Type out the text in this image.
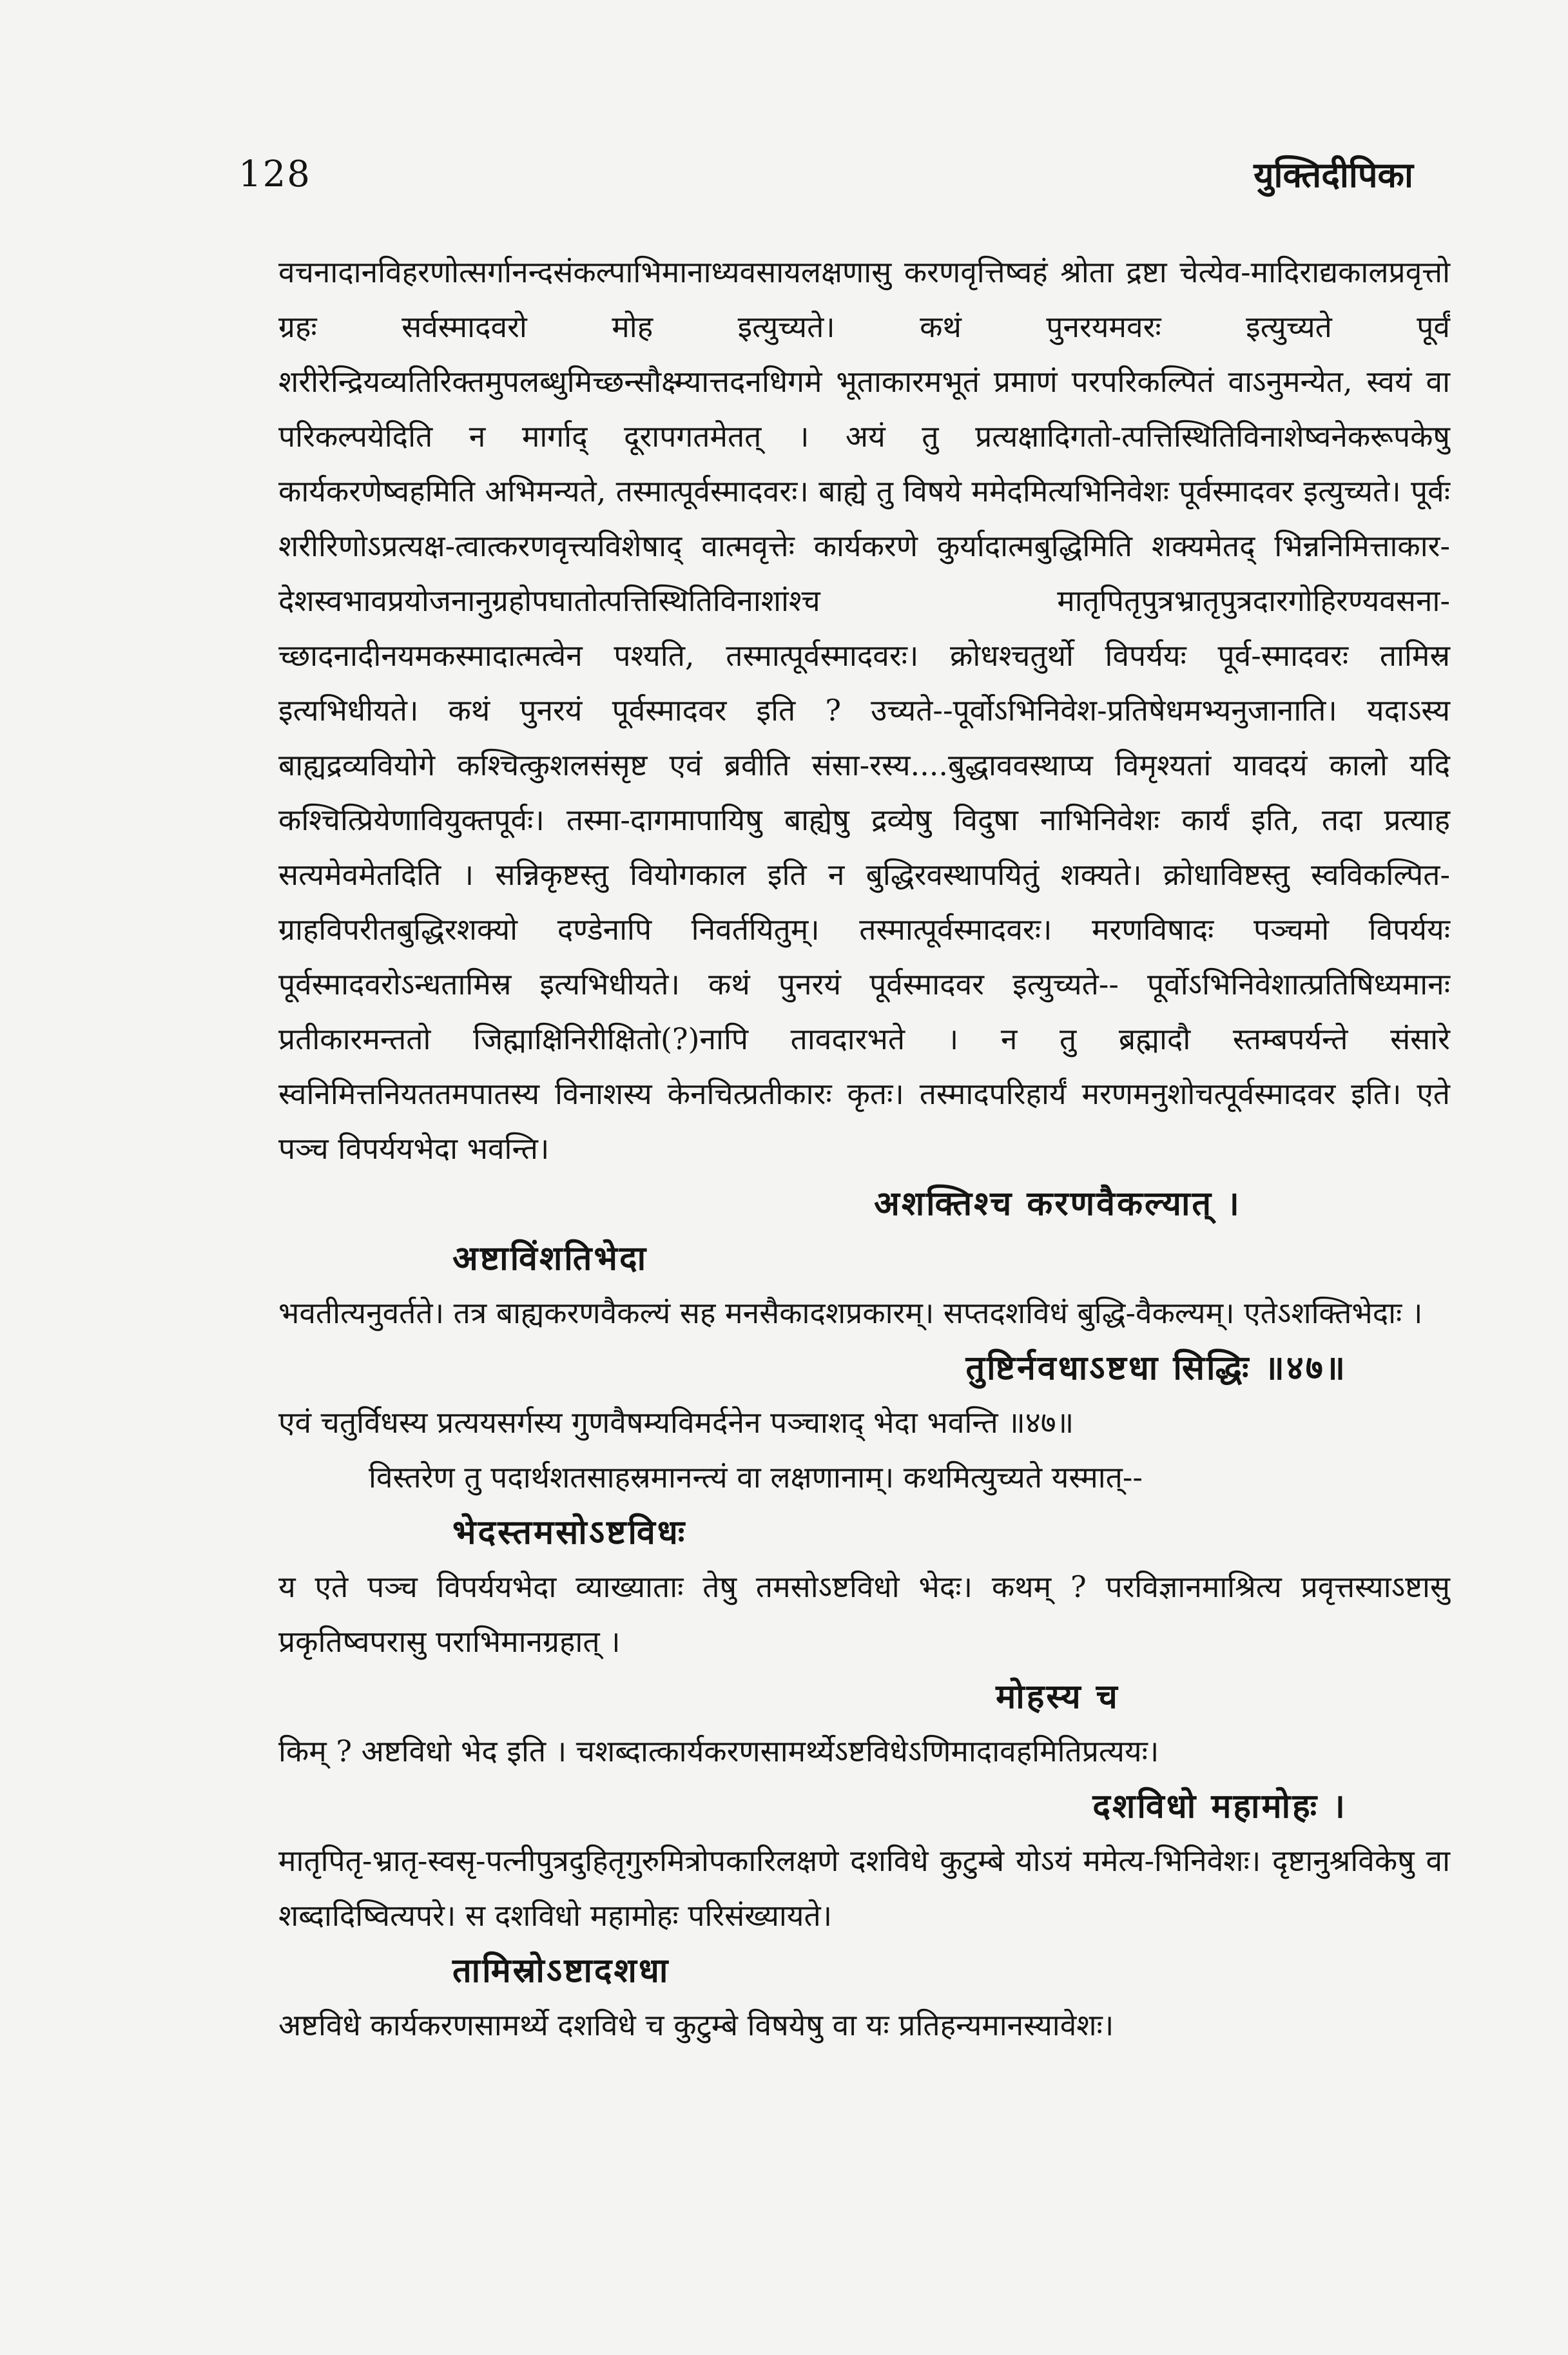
128	युक्तिदीपिका

वचनादानविहरणोत्सर्गानन्दसंकल्पाभिमानाध्यवसायलक्षणासु करणवृत्तिष्वहं श्रोता द्रष्टा चेत्येव-मादिराद्यकालप्रवृत्तो ग्रहः सर्वस्मादवरो मोह इत्युच्यते। कथं पुनरयमवरः इत्युच्यते पूर्वं शरीरेन्द्रियव्यतिरिक्तमुपलब्धुमिच्छन्सौक्ष्म्यात्तदनधिगमे भूताकारमभूतं प्रमाणं परपरिकल्पितं वाऽनुमन्येत, स्वयं वा परिकल्पयेदिति न मार्गाद् दूरापगतमेतत् । अयं तु प्रत्यक्षादिगतो-त्पत्तिस्थितिविनाशेष्वनेकरूपकेषु कार्यकरणेष्वहमिति अभिमन्यते, तस्मात्पूर्वस्मादवरः। बाह्ये तु विषये ममेदमित्यभिनिवेशः पूर्वस्मादवर इत्युच्यते। पूर्वः शरीरिणोऽप्रत्यक्ष-त्वात्करणवृत्त्यविशेषाद् वात्मवृत्तेः कार्यकरणे कुर्यादात्मबुद्धिमिति शक्यमेतद् भिन्ननिमित्ताकार-देशस्वभावप्रयोजनानुग्रहोपघातोत्पत्तिस्थितिविनाशांश्च मातृपितृपुत्रभ्रातृपुत्रदारगोहिरण्यवसना-च्छादनादीनयमकस्मादात्मत्वेन पश्यति, तस्मात्पूर्वस्मादवरः। क्रोधश्चतुर्थो विपर्ययः पूर्व-स्मादवरः तामिस्र इत्यभिधीयते। कथं पुनरयं पूर्वस्मादवर इति ? उच्यते--पूर्वोऽभिनिवेश-प्रतिषेधमभ्यनुजानाति। यदाऽस्य बाह्यद्रव्यवियोगे कश्चित्कुशलसंसृष्ट एवं ब्रवीति संसा-रस्य....बुद्धाववस्थाप्य विमृश्यतां यावदयं कालो यदि कश्चित्प्रियेणावियुक्तपूर्वः। तस्मा-दागमापायिषु बाह्येषु द्रव्येषु विदुषा नाभिनिवेशः कार्यं इति, तदा प्रत्याह सत्यमेवमेतदिति । सन्निकृष्टस्तु वियोगकाल इति न बुद्धिरवस्थापयितुं शक्यते। क्रोधाविष्टस्तु स्वविकल्पित-ग्राहविपरीतबुद्धिरशक्यो दण्डेनापि निवर्तयितुम्। तस्मात्पूर्वस्मादवरः। मरणविषादः पञ्चमो विपर्ययः पूर्वस्मादवरोऽन्धतामिस्र इत्यभिधीयते। कथं पुनरयं पूर्वस्मादवर इत्युच्यते-- पूर्वोऽभिनिवेशात्प्रतिषिध्यमानः प्रतीकारमन्ततो जिह्माक्षिनिरीक्षितो(?)नापि तावदारभते । न तु ब्रह्मादौ स्तम्बपर्यन्ते संसारे स्वनिमित्तनियततमपातस्य विनाशस्य केनचित्प्रतीकारः कृतः। तस्मादपरिहार्यं मरणमनुशोचत्पूर्वस्मादवर इति। एते पञ्च विपर्ययभेदा भवन्ति।

अशक्तिश्च करणवैकल्यात् ।

अष्टाविंशतिभेदा

भवतीत्यनुवर्तते। तत्र बाह्यकरणवैकल्यं सह मनसैकादशप्रकारम्। सप्तदशविधं बुद्धि-वैकल्यम्। एतेऽशक्तिभेदाः ।

तुष्टिर्नवधाऽष्टधा सिद्धिः ॥४७॥

एवं चतुर्विधस्य प्रत्ययसर्गस्य गुणवैषम्यविमर्दनेन पञ्चाशद् भेदा भवन्ति ॥४७॥

विस्तरेण तु पदार्थशतसाहस्रमानन्त्यं वा लक्षणानाम्। कथमित्युच्यते यस्मात्--

भेदस्तमसोऽष्टविधः

य एते पञ्च विपर्ययभेदा व्याख्याताः तेषु तमसोऽष्टविधो भेदः। कथम् ? परविज्ञानमाश्रित्य प्रवृत्तस्याऽष्टासु प्रकृतिष्वपरासु पराभिमानग्रहात् ।

मोहस्य च

किम् ? अष्टविधो भेद इति । चशब्दात्कार्यकरणसामर्थ्येऽष्टविधेऽणिमादावहमितिप्रत्ययः।

दशविधो महामोहः ।

मातृपितृ-भ्रातृ-स्वसृ-पत्नीपुत्रदुहितृगुरुमित्रोपकारिलक्षणे दशविधे कुटुम्बे योऽयं ममेत्य-भिनिवेशः। दृष्टानुश्रविकेषु वा शब्दादिष्वित्यपरे। स दशविधो महामोहः परिसंख्यायते।

तामिस्रोऽष्टादशधा

अष्टविधे कार्यकरणसामर्थ्ये दशविधे च कुटुम्बे विषयेषु वा यः प्रतिहन्यमानस्यावेशः।
